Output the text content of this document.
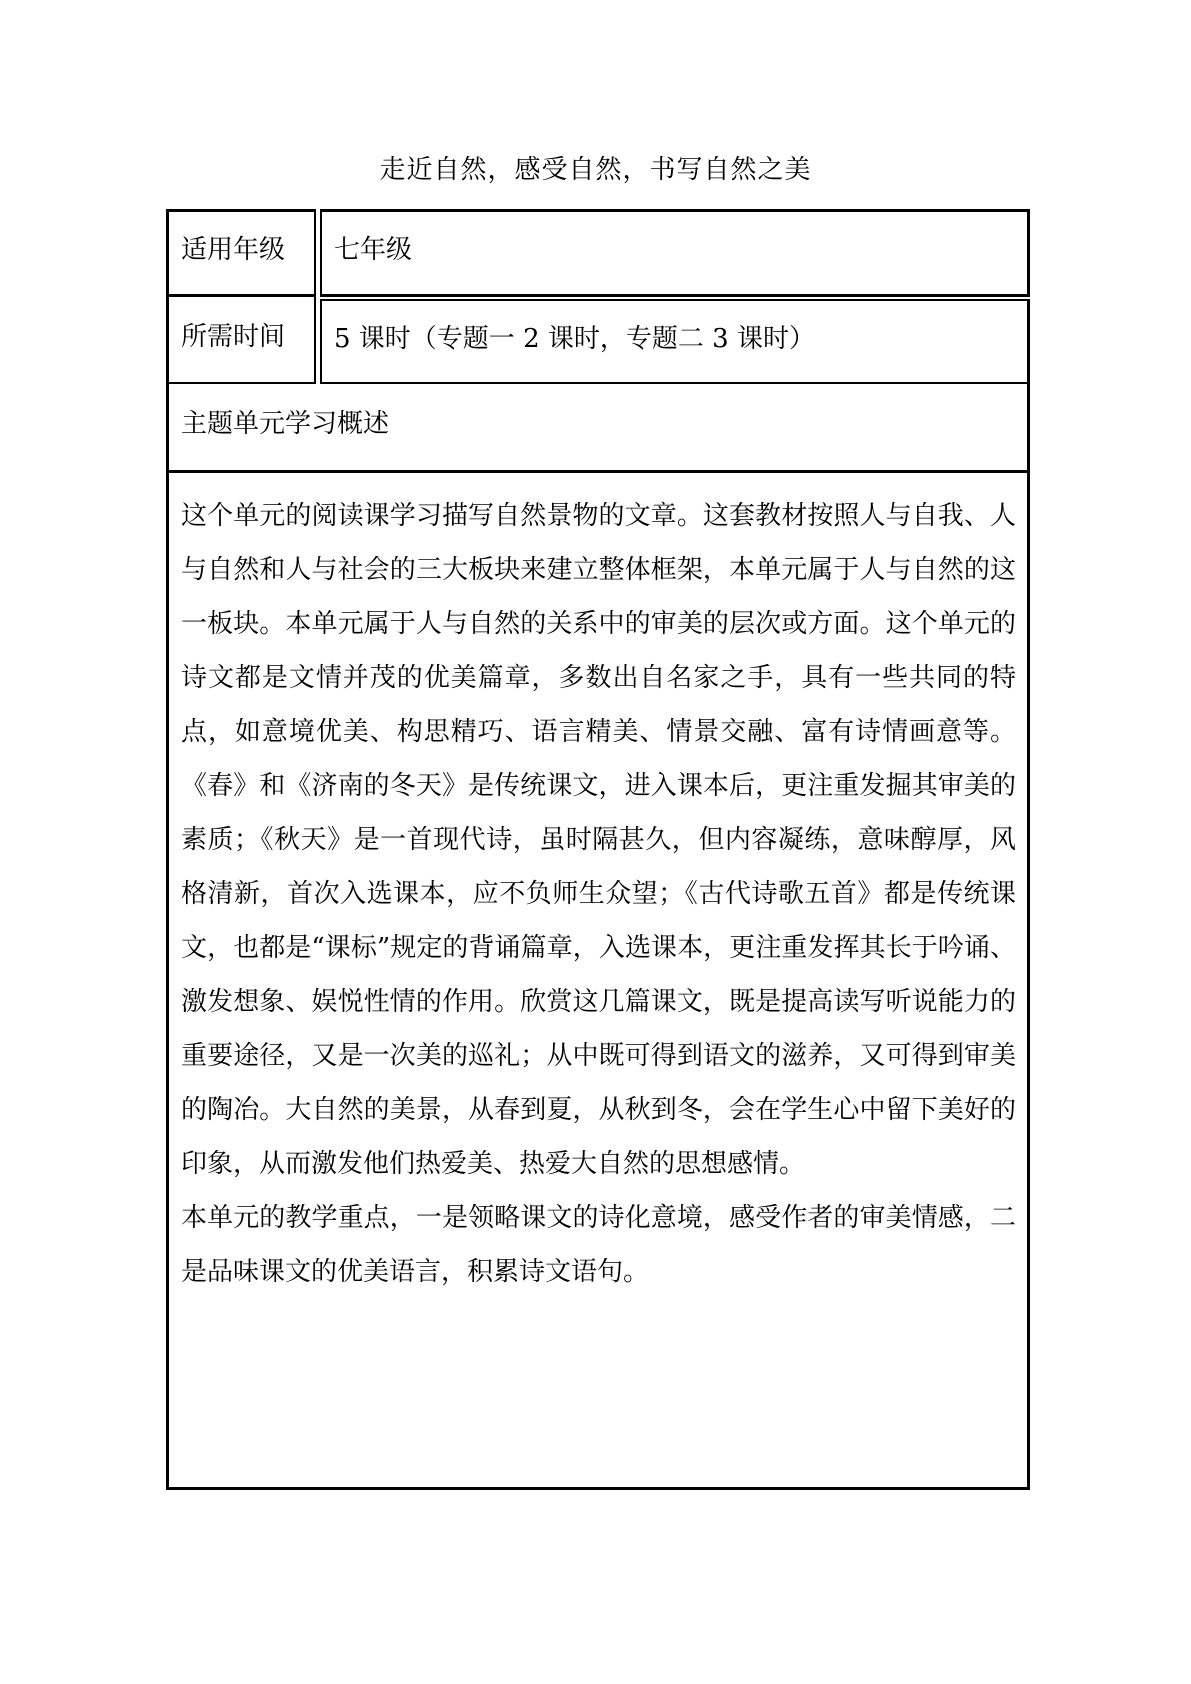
走近自然，感受自然，书写自然之美
适用年级	七年级
所需时间	5 课时（专题一 2 课时，专题二 3 课时）
主题单元学习概述

这个单元的阅读课学习描写自然景物的文章。这套教材按照人与自我、人与自然和人与社会的三大板块来建立整体框架，本单元属于人与自然的这一板块。本单元属于人与自然的关系中的审美的层次或方面。这个单元的诗文都是文情并茂的优美篇章，多数出自名家之手，具有一些共同的特点，如意境优美、构思精巧、语言精美、情景交融、富有诗情画意等。《春》和《济南的冬天》是传统课文，进入课本后，更注重发掘其审美的素质；《秋天》是一首现代诗，虽时隔甚久，但内容凝练，意味醇厚，风格清新，首次入选课本，应不负师生众望；《古代诗歌五首》都是传统课文，也都是“课标”规定的背诵篇章，入选课本，更注重发挥其长于吟诵、激发想象、娱悦性情的作用。欣赏这几篇课文，既是提高读写听说能力的重要途径，又是一次美的巡礼；从中既可得到语文的滋养，又可得到审美的陶冶。大自然的美景，从春到夏，从秋到冬，会在学生心中留下美好的印象，从而激发他们热爱美、热爱大自然的思想感情。

本单元的教学重点，一是领略课文的诗化意境，感受作者的审美情感，二是品味课文的优美语言，积累诗文语句。
